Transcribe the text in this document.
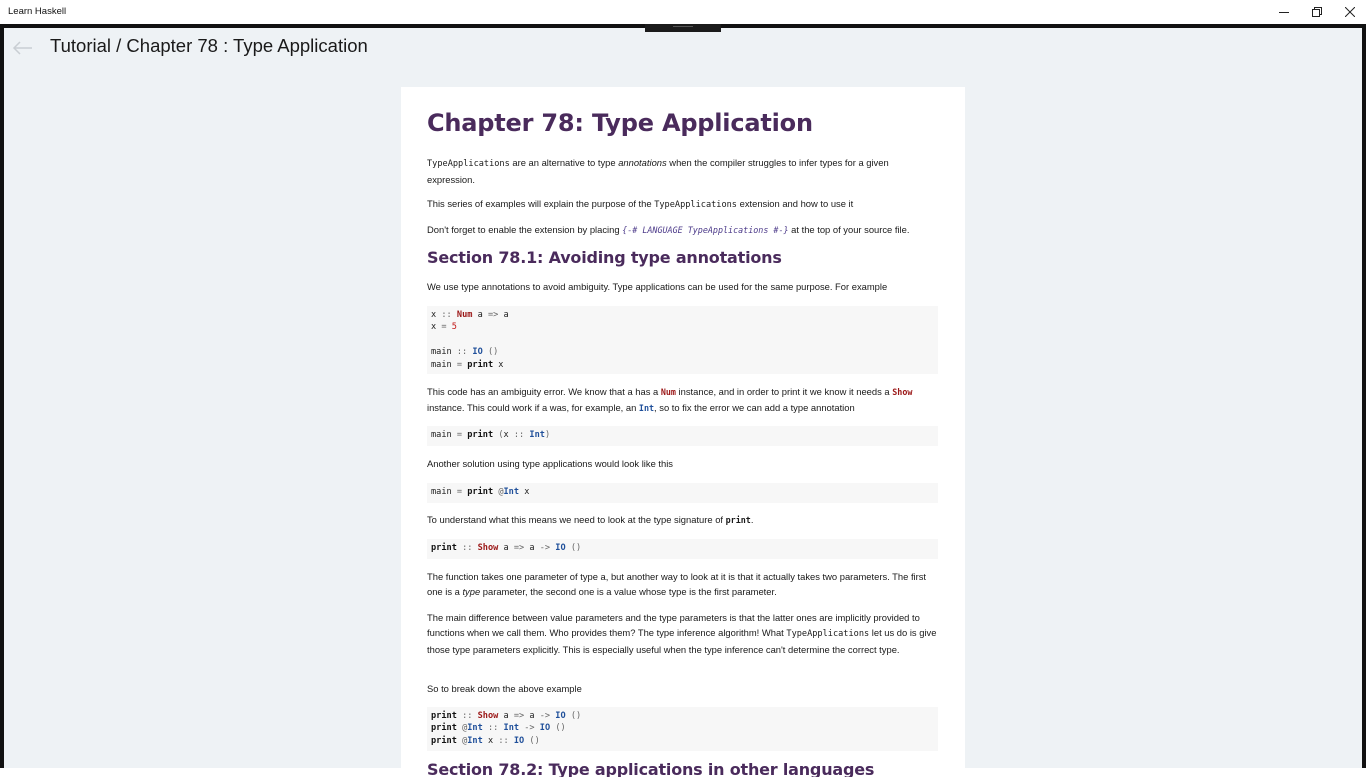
Learn Haskell
Tutorial / Chapter 78 : Type Application
Chapter 78: Type Application
TypeApplications are an alternative to type annotations when the compiler struggles to infer types for a given expression.
This series of examples will explain the purpose of the TypeApplications extension and how to use it
Don't forget to enable the extension by placing {-# LANGUAGE TypeApplications #-} at the top of your source file.
Section 78.1: Avoiding type annotations
We use type annotations to avoid ambiguity. Type applications can be used for the same purpose. For example
x :: Num a => a
x = 5

main :: IO ()
main = print x
This code has an ambiguity error. We know that a has a Num instance, and in order to print it we know it needs a Show instance. This could work if a was, for example, an Int, so to fix the error we can add a type annotation
main = print (x :: Int)
Another solution using type applications would look like this
main = print @Int x
To understand what this means we need to look at the type signature of print.
print :: Show a => a -> IO ()
The function takes one parameter of type a, but another way to look at it is that it actually takes two parameters. The first one is a type parameter, the second one is a value whose type is the first parameter.
The main difference between value parameters and the type parameters is that the latter ones are implicitly provided to functions when we call them. Who provides them? The type inference algorithm! What TypeApplications let us do is give those type parameters explicitly. This is especially useful when the type inference can't determine the correct type.
So to break down the above example
print :: Show a => a -> IO ()
print @Int :: Int -> IO ()
print @Int x :: IO ()
Section 78.2: Type applications in other languages
